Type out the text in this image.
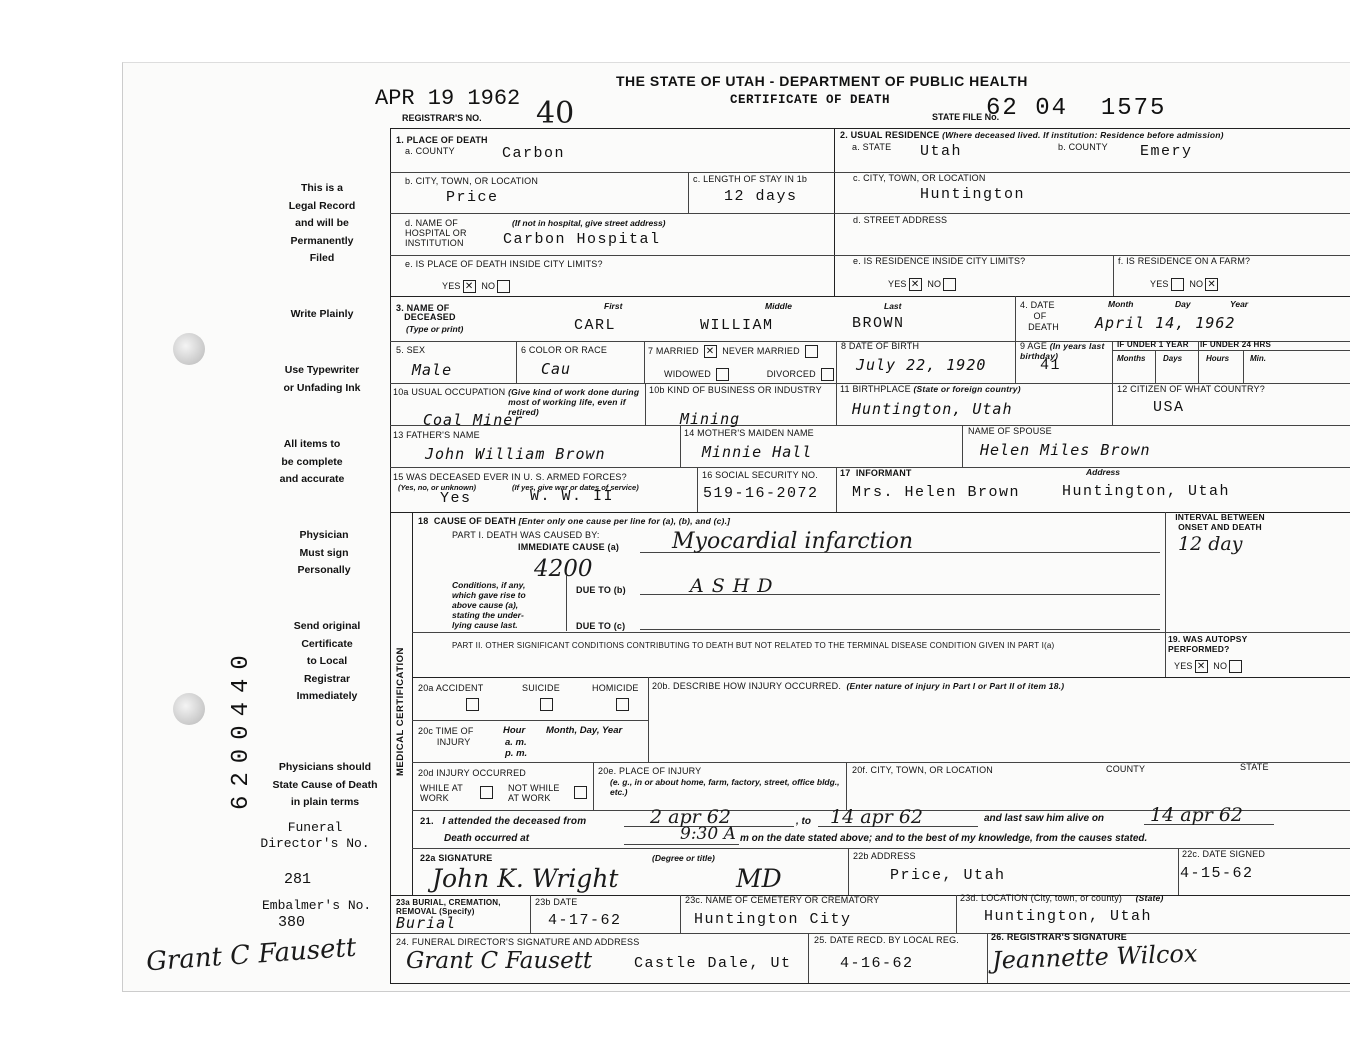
APR 19 1962
REGISTRAR'S NO. 40
THE STATE OF UTAH - DEPARTMENT OF PUBLIC HEALTH
CERTIFICATE OF DEATH
STATE FILE No.
62 04  1575
This is a
Legal Record
and will be
Permanently
Filed
Write Plainly
Use Typewriter
or Unfading Ink
All items to
be complete
and accurate
Physician
Must sign
Personally
Send original
Certificate
to Local
Registrar
Immediately
Physicians should
State Cause of Death
in plain terms
Funeral
Director's No.
281
Embalmer's No.
380
6200440
Grant C Fausett
1. PLACE OF DEATH
a. COUNTY	Carbon
2. USUAL RESIDENCE (Where deceased lived. If institution: Residence before admission)
a. STATE Utah	b. COUNTY Emery
b. CITY, TOWN, OR LOCATION
Price
c. LENGTH OF STAY IN 1b
12 days
c. CITY, TOWN, OR LOCATION
Huntington
d. NAME OF
HOSPITAL OR
INSTITUTION
(If not in hospital, give street address)
Carbon Hospital
d. STREET ADDRESS
e. IS PLACE OF DEATH INSIDE CITY LIMITS?
YES ✕ NO
e. IS RESIDENCE INSIDE CITY LIMITS?
YES ✕ NO
f. IS RESIDENCE ON A FARM?
YES NO ✕
3. NAME OF
DECEASED
(Type or print)
First	Middle	Last
CARL	WILLIAM	BROWN
4. DATE
OF
DEATH
Month	Day	Year
April 14, 1962
5. SEX
Male
6 COLOR OR RACE
Cau
7 MARRIED ✕ NEVER MARRIED
WIDOWED	DIVORCED
8 DATE OF BIRTH
July 22, 1920
9 AGE (In years last birthday)
41
IF UNDER 1 YEAR IF UNDER 24 HRS
Months Days	Hours	Min.
10a USUAL OCCUPATION (Give kind of work done during most of working life, even if retired)
Coal Miner
10b KIND OF BUSINESS OR INDUSTRY
Mining
11 BIRTHPLACE (State or foreign country)
Huntington, Utah
12 CITIZEN OF WHAT COUNTRY?
USA
13 FATHER'S NAME
John William Brown
14 MOTHER'S MAIDEN NAME
Minnie Hall
NAME OF SPOUSE
Helen Miles Brown
15 WAS DECEASED EVER IN U. S. ARMED FORCES?
(Yes, no, or unknown)	(If yes, give war or dates of service)
Yes	W. W. II
16 SOCIAL SECURITY NO.
519-16-2072
17  INFORMANT	Address
Mrs. Helen Brown	Huntington, Utah
MEDICAL CERTIFICATION
18  CAUSE OF DEATH [Enter only one cause per line for (a), (b), and (c).]
PART I. DEATH WAS CAUSED BY:
IMMEDIATE CAUSE (a) Myocardial infarction
4200
Conditions, if any,
which gave rise to
above cause (a),
stating the under-
lying cause last.
DUE TO (b)	ASHD
DUE TO (c)
INTERVAL BETWEEN ONSET AND DEATH
12 day
PART II. OTHER SIGNIFICANT CONDITIONS CONTRIBUTING TO DEATH BUT NOT RELATED TO THE TERMINAL DISEASE CONDITION GIVEN IN PART I(a)
19. WAS AUTOPSY PERFORMED?
YES ✕ NO
20a ACCIDENT	SUICIDE	HOMICIDE 20b. DESCRIBE HOW INJURY OCCURRED. (Enter nature of injury in Part I or Part II of item 18.)
20c TIME OF
INJURY
Hour
a. m.
p. m.
Month, Day, Year
20d INJURY OCCURRED
WHILE AT WORK
NOT WHILE AT WORK
20e. PLACE OF INJURY
(e. g., in or about home, farm, factory, street, office bldg., etc.)
20f. CITY, TOWN, OR LOCATION	COUNTY	STATE
21.   I attended the deceased from	2 apr 62	, to 14 apr 62	and last saw him alive on 14 apr 62
Death occurred at	9:30 A m on the date stated above; and to the best of my knowledge, from the causes stated.
22a SIGNATURE	(Degree or title)
John K. Wright	MD
22b ADDRESS
Price, Utah
22c. DATE SIGNED
4-15-62
23a BURIAL, CREMATION, REMOVAL (Specify)
Burial
23b DATE
4-17-62
23c. NAME OF CEMETERY OR CREMATORY
Huntington City
23d. LOCATION (City, town, or county) (State)
Huntington, Utah
24. FUNERAL DIRECTOR'S SIGNATURE AND ADDRESS
Grant C Fausett	Castle Dale, Ut
25. DATE RECD. BY LOCAL REG.
4-16-62
26. REGISTRAR'S SIGNATURE
Jeannette Wilcox
